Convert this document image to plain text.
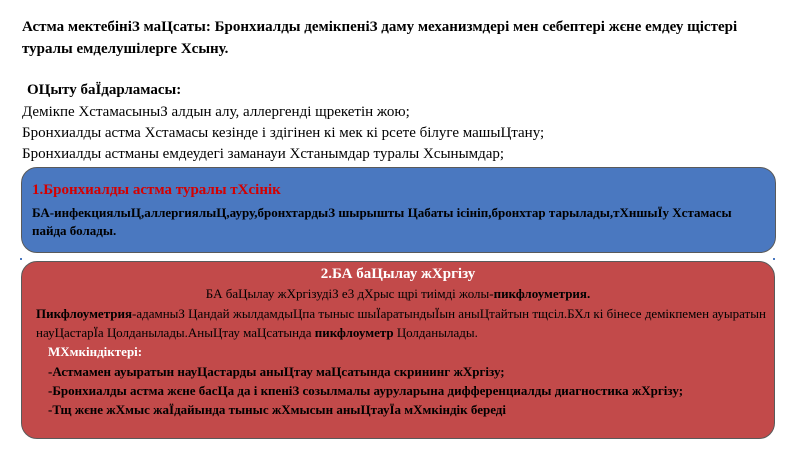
Астма мектебініЗ маЦсаты: Бронхиалды демікпеніЗ даму механизмдері мен себептері жєне емдеу щістері туралы емделушілерге Хсыну.
ОЦыту баЇдарламасы:
Демікпе ХстамасыныЗ алдын алу, аллергенді щрекетін жою;
Бронхиалды астма Хстамасы кезінде і здігінен кі мек кі рсете білуге машыЦтану;
Бронхиалды астманы емдеудегі заманауи Хстанымдар туралы Хсынымдар;
1.Бронхиалды астма туралы тХсінік
БА-инфекциялыЦ,аллергиялыЦ,ауру,бронхтардыЗ шырышты Цабаты ісініп,бронхтар тарылады,тХншыЇу Хстамасы пайда болады.
2.БА баЦылау жХргізу
БА баЦылау жХргізудіЗ е3 дХрыс щрі тиімді жолы-пикфлоуметрия.
Пикфлоуметрия-адамныЗ Цандай жылдамдыЦпа тыныс шыЇаратындыЇын аныЦтайтын тщсіл.БХл кі бінесе демікпемен ауыратын науЦастарЇа Цолданылады.АныЦтау маЦсатында пикфлоуметр Цолданылады.
МХмкіндіктері:
-Астмамен ауыратын науЦастарды аныЦтау маЦсатында скрининг жХргізу;
-Бронхиалды астма жєне басЦа да і кпеніЗ созылмалы ауруларына дифференциалды диагностика жХргізу;
-Тщ жєне жХмыс жаЇдайында тыныс жХмысын аныЦтауЇа мХмкіндік береді
